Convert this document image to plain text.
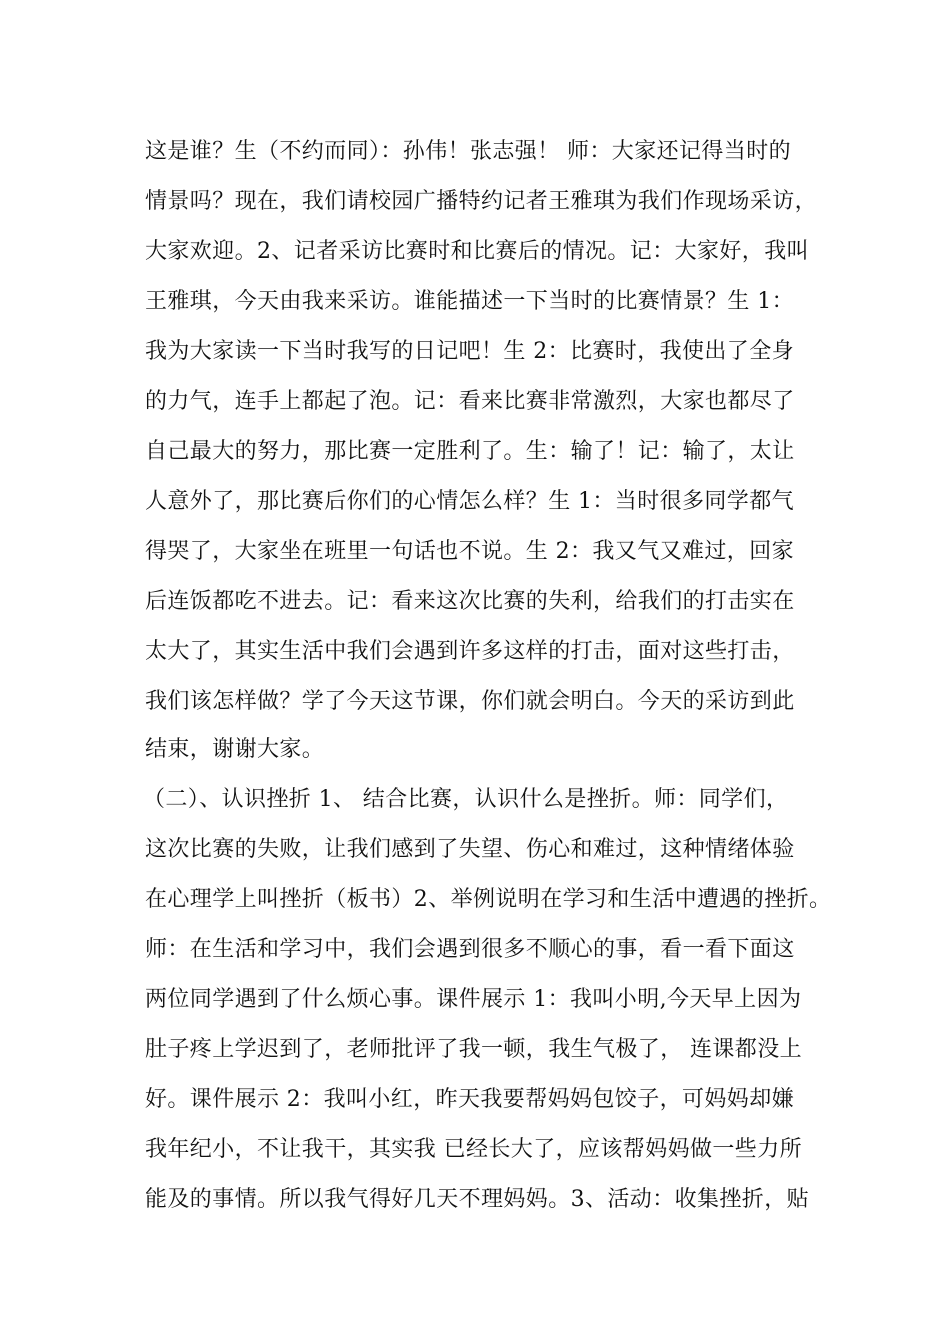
这是谁？生（不约而同）：孙伟！张志强！ 师：大家还记得当时的
情景吗？现在，我们请校园广播特约记者王雅琪为我们作现场采访，
大家欢迎。2、记者采访比赛时和比赛后的情况。记：大家好，我叫
王雅琪，今天由我来采访。谁能描述一下当时的比赛情景？生 1：
我为大家读一下当时我写的日记吧！生 2：比赛时，我使出了全身
的力气，连手上都起了泡。记：看来比赛非常激烈，大家也都尽了
自己最大的努力，那比赛一定胜利了。生：输了！记：输了，太让
人意外了，那比赛后你们的心情怎么样？生 1：当时很多同学都气
得哭了，大家坐在班里一句话也不说。生 2：我又气又难过，回家
后连饭都吃不进去。记：看来这次比赛的失利，给我们的打击实在
太大了，其实生活中我们会遇到许多这样的打击，面对这些打击，
我们该怎样做？学了今天这节课，你们就会明白。今天的采访到此
结束，谢谢大家。
（二）、认识挫折 1、 结合比赛，认识什么是挫折。师：同学们，
这次比赛的失败，让我们感到了失望、伤心和难过，这种情绪体验
在心理学上叫挫折（板书）2、举例说明在学习和生活中遭遇的挫折。
师：在生活和学习中，我们会遇到很多不顺心的事，看一看下面这
两位同学遇到了什么烦心事。课件展示 1：我叫小明,今天早上因为
肚子疼上学迟到了，老师批评了我一顿，我生气极了， 连课都没上
好。课件展示 2：我叫小红，昨天我要帮妈妈包饺子，可妈妈却嫌
我年纪小，不让我干，其实我 已经长大了，应该帮妈妈做一些力所
能及的事情。所以我气得好几天不理妈妈。3、活动：收集挫折，贴
